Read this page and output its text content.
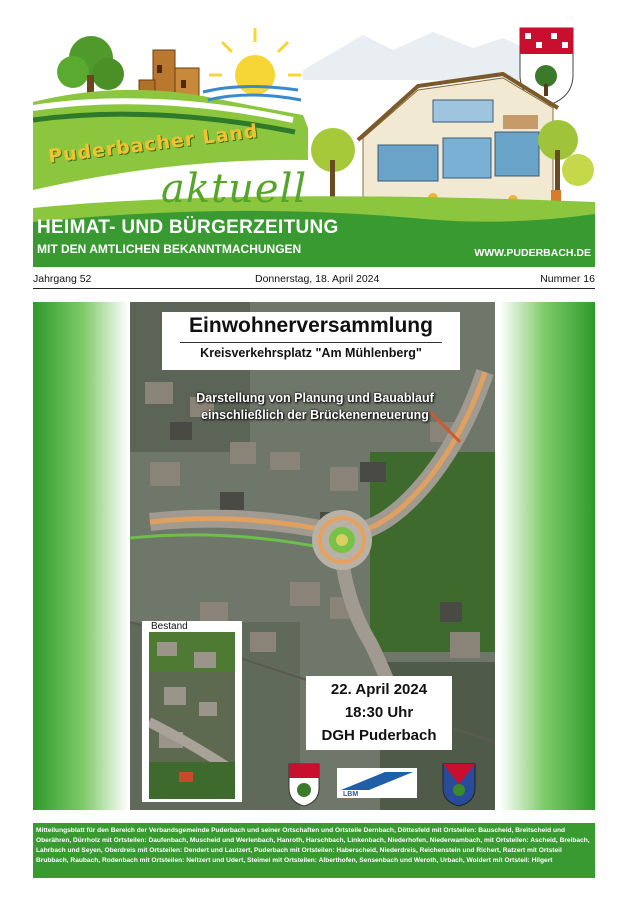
Puderbacher Land
aktuell
HEIMAT- UND BÜRGERZEITUNG
MIT DEN AMTLICHEN BEKANNTMACHUNGEN	WWW.PUDERBACH.DE
Jahrgang 52	Donnerstag, 18. April 2024	Nummer 16
Einwohnerversammlung
Kreisverkehrsplatz "Am Mühlenberg"
Darstellung von Planung und Bauablauf
einschließlich der Brückenerneuerung
Bestand
22. April 2024
18:30 Uhr
DGH Puderbach
LBM
Mitteilungsblatt für den Bereich der Verbandsgemeinde Puderbach und seiner Ortschaften und Ortsteile Dernbach, Döttesfeld mit Ortsteilen: Bauscheid, Breitscheid und Oberähren, Dürrholz mit Ortsteilen: Daufenbach, Muscheid und Werlenbach, Hanroth, Harschbach, Linkenbach, Niederhofen, Niederwambach, mit Ortsteilen: Ascheid, Breibach, Lahrbach und Seyen, Oberdreis mit Ortsteilen: Dendert und Lautzert, Puderbach mit Ortsteilen: Haberscheid, Niederdreis, Reichenstein und Richert, Ratzert mit Ortsteil Brubbach, Raubach, Rodenbach mit Ortsteilen: Neitzert und Udert, Steimel mit Ortsteilen: Alberthofen, Sensenbach und Weroth, Urbach, Woldert mit Ortsteil: Hilgert
